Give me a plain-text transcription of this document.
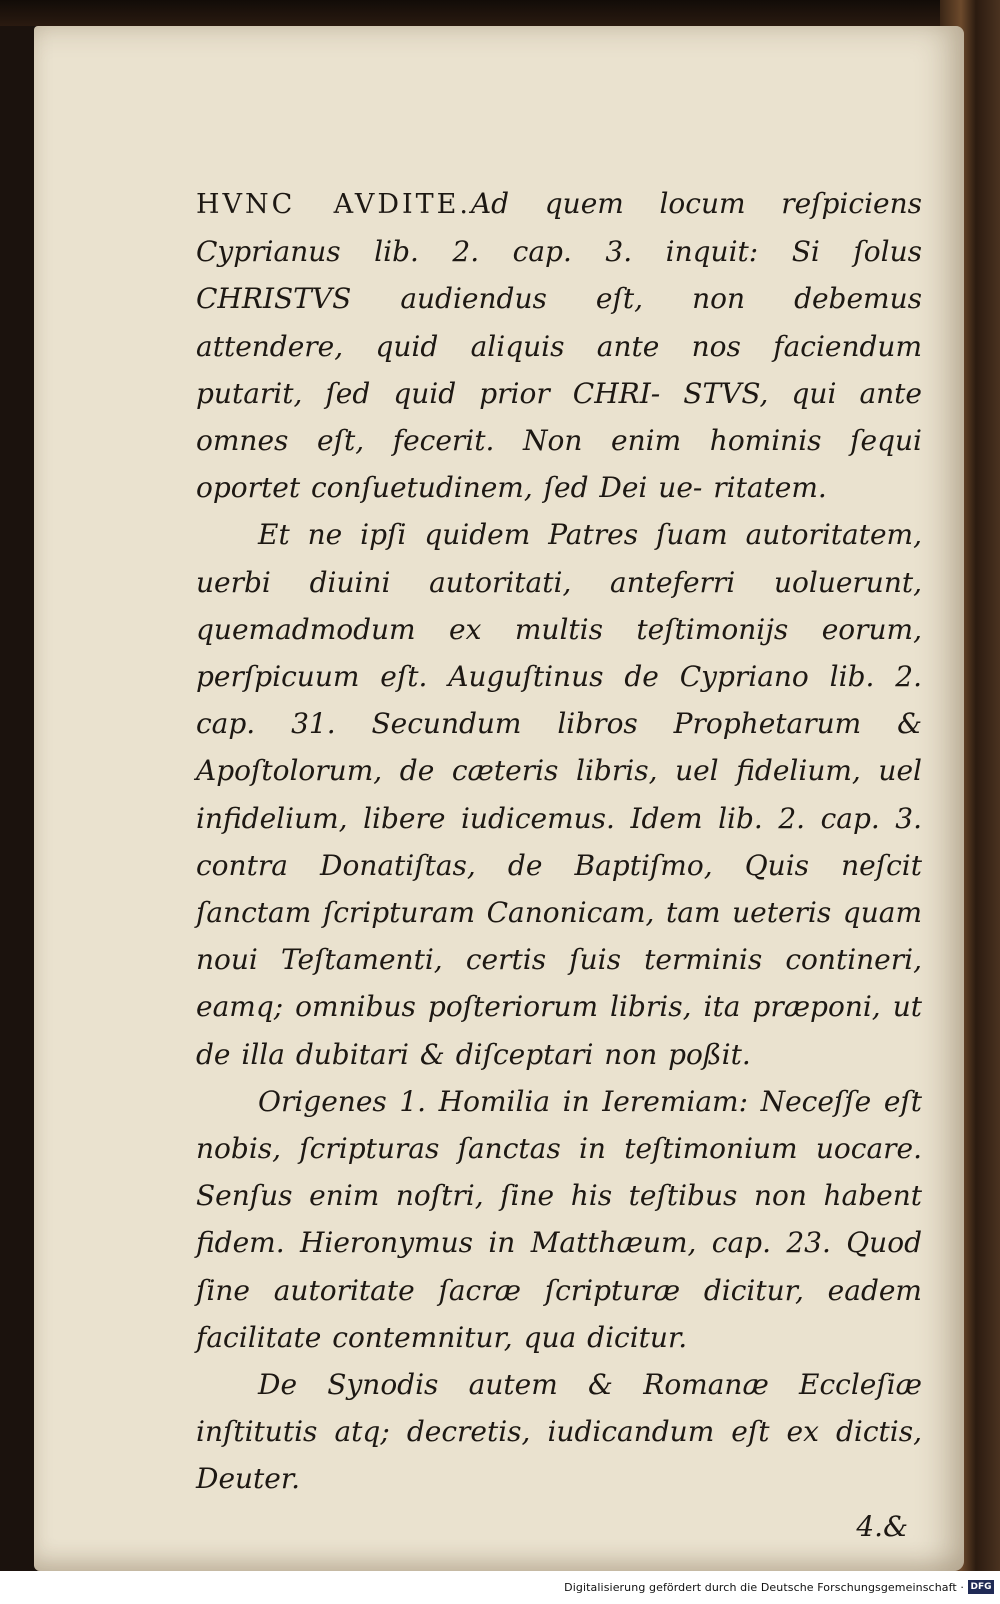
HVNC AVDITE.Ad quem locum reſpiciens Cyprianus lib. 2. cap. 3. inquit: Si ſolus CHRISTVS audiendus eſt, non debemus attendere, quid aliquis ante nos faciendum putarit, ſed quid prior CHRI- STVS, qui ante omnes eſt, fecerit. Non enim hominis ſequi oportet conſuetudinem, ſed Dei ue- ritatem.

Et ne ipſi quidem Patres ſuam autoritatem, uerbi diuini autoritati, anteferri uoluerunt, quemadmodum ex multis teſtimonijs eorum, perſpicuum eſt. Auguſtinus de Cypriano lib. 2. cap. 31. Secundum libros Prophetarum & Apoſtolorum, de cæteris libris, uel fidelium, uel infidelium, libere iudicemus. Idem lib. 2. cap. 3. contra Donatiſtas, de Baptiſmo, Quis neſcit ſanctam ſcripturam Canonicam, tam ueteris quam noui Teſtamenti, certis ſuis terminis contineri, eamq; omnibus poſteriorum libris, ita præponi, ut de illa dubitari & diſceptari non poßit.

Origenes 1. Homilia in Ieremiam: Neceſſe eſt nobis, ſcripturas ſanctas in teſtimonium uocare. Senſus enim noſtri, ſine his teſtibus non habent fidem. Hieronymus in Matthæum, cap. 23. Quod ſine autoritate ſacræ ſcripturæ dicitur, eadem facilitate contemnitur, qua dicitur.

De Synodis autem & Romanæ Eccleſiæ inſtitutis atq; decretis, iudicandum eſt ex dictis, Deuter.

4.&

Digitalisierung gefördert durch die Deutsche Forschungsgemeinschaft · DFG
